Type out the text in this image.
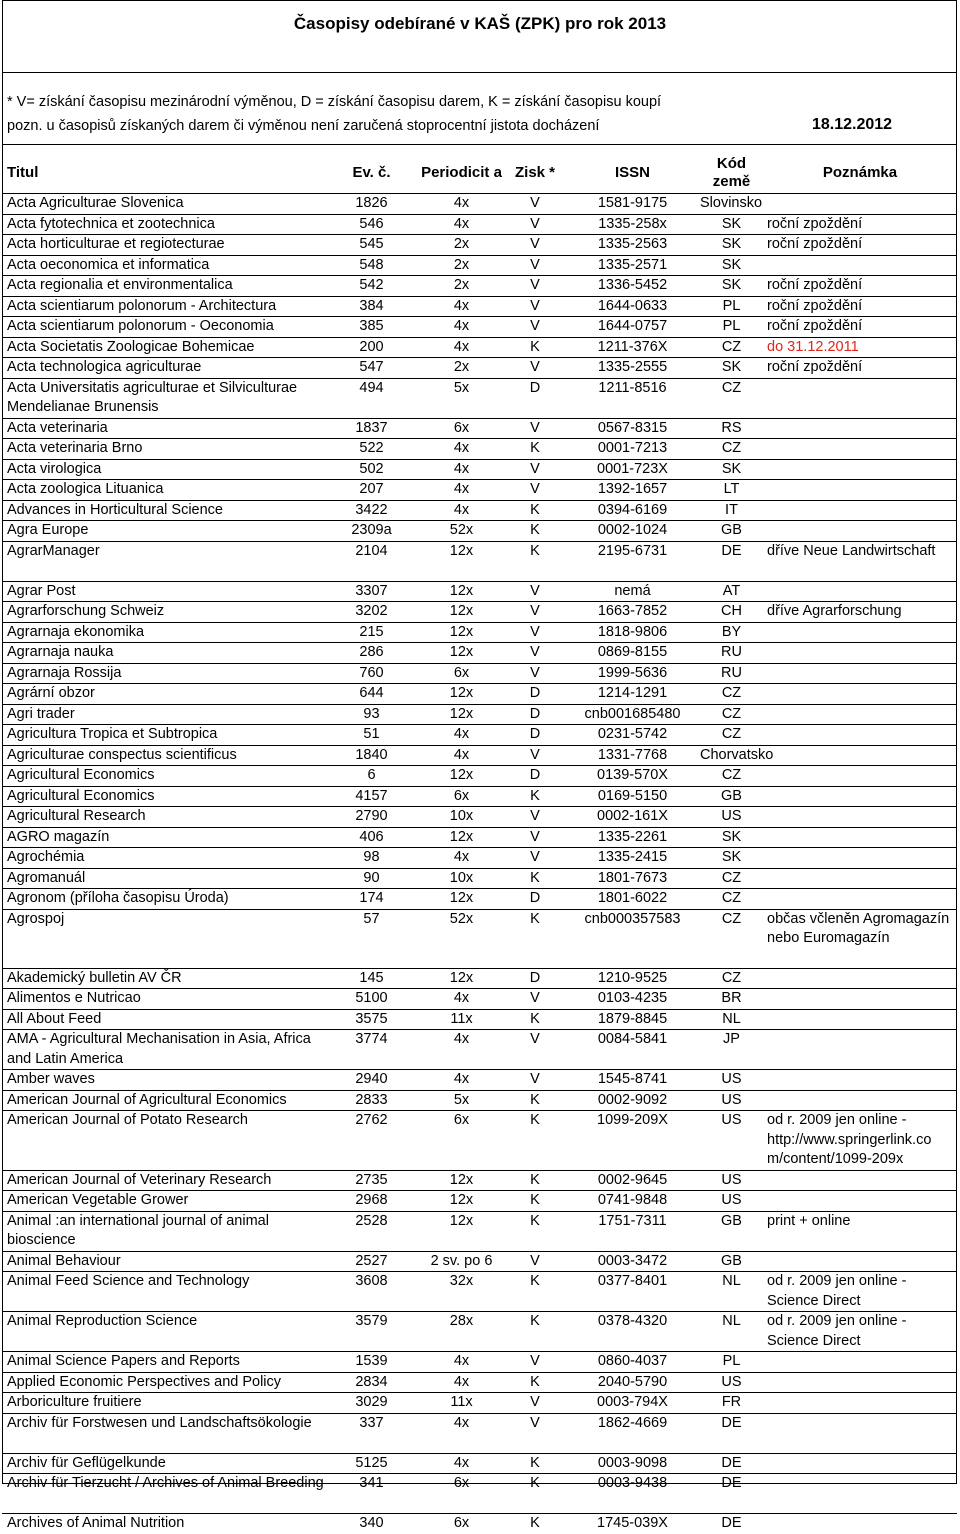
Časopisy odebírané v KAŠ (ZPK) pro rok 2013
* V= získání časopisu mezinárodní výměnou, D = získání časopisu darem, K = získání časopisu koupí
pozn. u časopisů získaných darem či výměnou není zaručená stoprocentní jistota docházení	18.12.2012
Titul	Ev. č.	Periodicit a	Zisk *	ISSN	Kód země	Poznámka
Acta Agriculturae Slovenica	1826	4x	V	1581-9175	Slovinsko	
Acta fytotechnica et zootechnica	546	4x	V	1335-258x	SK	roční zpoždění
Acta horticulturae et regiotecturae	545	2x	V	1335-2563	SK	roční zpoždění
Acta oeconomica et informatica	548	2x	V	1335-2571	SK	
Acta regionalia et environmentalica	542	2x	V	1336-5452	SK	roční zpoždění
Acta scientiarum polonorum - Architectura	384	4x	V	1644-0633	PL	roční zpoždění
Acta scientiarum polonorum - Oeconomia	385	4x	V	1644-0757	PL	roční zpoždění
Acta Societatis Zoologicae Bohemicae	200	4x	K	1211-376X	CZ	do 31.12.2011
Acta technologica agriculturae	547	2x	V	1335-2555	SK	roční zpoždění
Acta Universitatis agriculturae et Silviculturae Mendelianae Brunensis	494	5x	D	1211-8516	CZ	
Acta veterinaria	1837	6x	V	0567-8315	RS	
Acta veterinaria Brno	522	4x	K	0001-7213	CZ	
Acta virologica	502	4x	V	0001-723X	SK	
Acta zoologica Lituanica	207	4x	V	1392-1657	LT	
Advances in Horticultural Science	3422	4x	K	0394-6169	IT	
Agra Europe	2309a	52x	K	0002-1024	GB	
AgrarManager	2104	12x	K	2195-6731	DE	dříve Neue Landwirtschaft
Agrar Post	3307	12x	V	nemá	AT	
Agrarforschung Schweiz	3202	12x	V	1663-7852	CH	dříve Agrarforschung
Agrarnaja ekonomika	215	12x	V	1818-9806	BY	
Agrarnaja nauka	286	12x	V	0869-8155	RU	
Agrarnaja Rossija	760	6x	V	1999-5636	RU	
Agrární obzor	644	12x	D	1214-1291	CZ	
Agri trader	93	12x	D	cnb001685480	CZ	
Agricultura Tropica et Subtropica	51	4x	D	0231-5742	CZ	
Agriculturae conspectus scientificus	1840	4x	V	1331-7768	Chorvatsko	
Agricultural Economics	6	12x	D	0139-570X	CZ	
Agricultural Economics	4157	6x	K	0169-5150	GB	
Agricultural Research	2790	10x	V	0002-161X	US	
AGRO magazín	406	12x	V	1335-2261	SK	
Agrochémia	98	4x	V	1335-2415	SK	
Agromanuál	90	10x	K	1801-7673	CZ	
Agronom (příloha časopisu Úroda)	174	12x	D	1801-6022	CZ	
Agrospoj	57	52x	K	cnb000357583	CZ	občas včleněn Agromagazín nebo Euromagazín
Akademický bulletin AV ČR	145	12x	D	1210-9525	CZ	
Alimentos e Nutricao	5100	4x	V	0103-4235	BR	
All About Feed	3575	11x	K	1879-8845	NL	
AMA - Agricultural Mechanisation in Asia, Africa and Latin America	3774	4x	V	0084-5841	JP	
Amber waves	2940	4x	V	1545-8741	US	
American Journal of Agricultural Economics	2833	5x	K	0002-9092	US	
American Journal of Potato Research	2762	6x	K	1099-209X	US	od r. 2009 jen online - http://www.springerlink.co m/content/1099-209x
American Journal of Veterinary Research	2735	12x	K	0002-9645	US	
American Vegetable Grower	2968	12x	K	0741-9848	US	
Animal :an international journal of animal bioscience	2528	12x	K	1751-7311	GB	print + online
Animal Behaviour	2527	2 sv. po 6	V	0003-3472	GB	
Animal Feed Science and Technology	3608	32x	K	0377-8401	NL	od r. 2009 jen online - Science Direct
Animal Reproduction Science	3579	28x	K	0378-4320	NL	od r. 2009 jen online - Science Direct
Animal Science Papers and Reports	1539	4x	V	0860-4037	PL	
Applied Economic Perspectives and Policy	2834	4x	K	2040-5790	US	
Arboriculture fruitiere	3029	11x	V	0003-794X	FR	
Archiv für Forstwesen und Landschaftsökologie	337	4x	V	1862-4669	DE	
Archiv für Geflügelkunde	5125	4x	K	0003-9098	DE	
Archiv für Tierzucht / Archives of Animal Breeding	341	6x	K	0003-9438	DE	
Archives of Animal Nutrition	340	6x	K	1745-039X	DE	
